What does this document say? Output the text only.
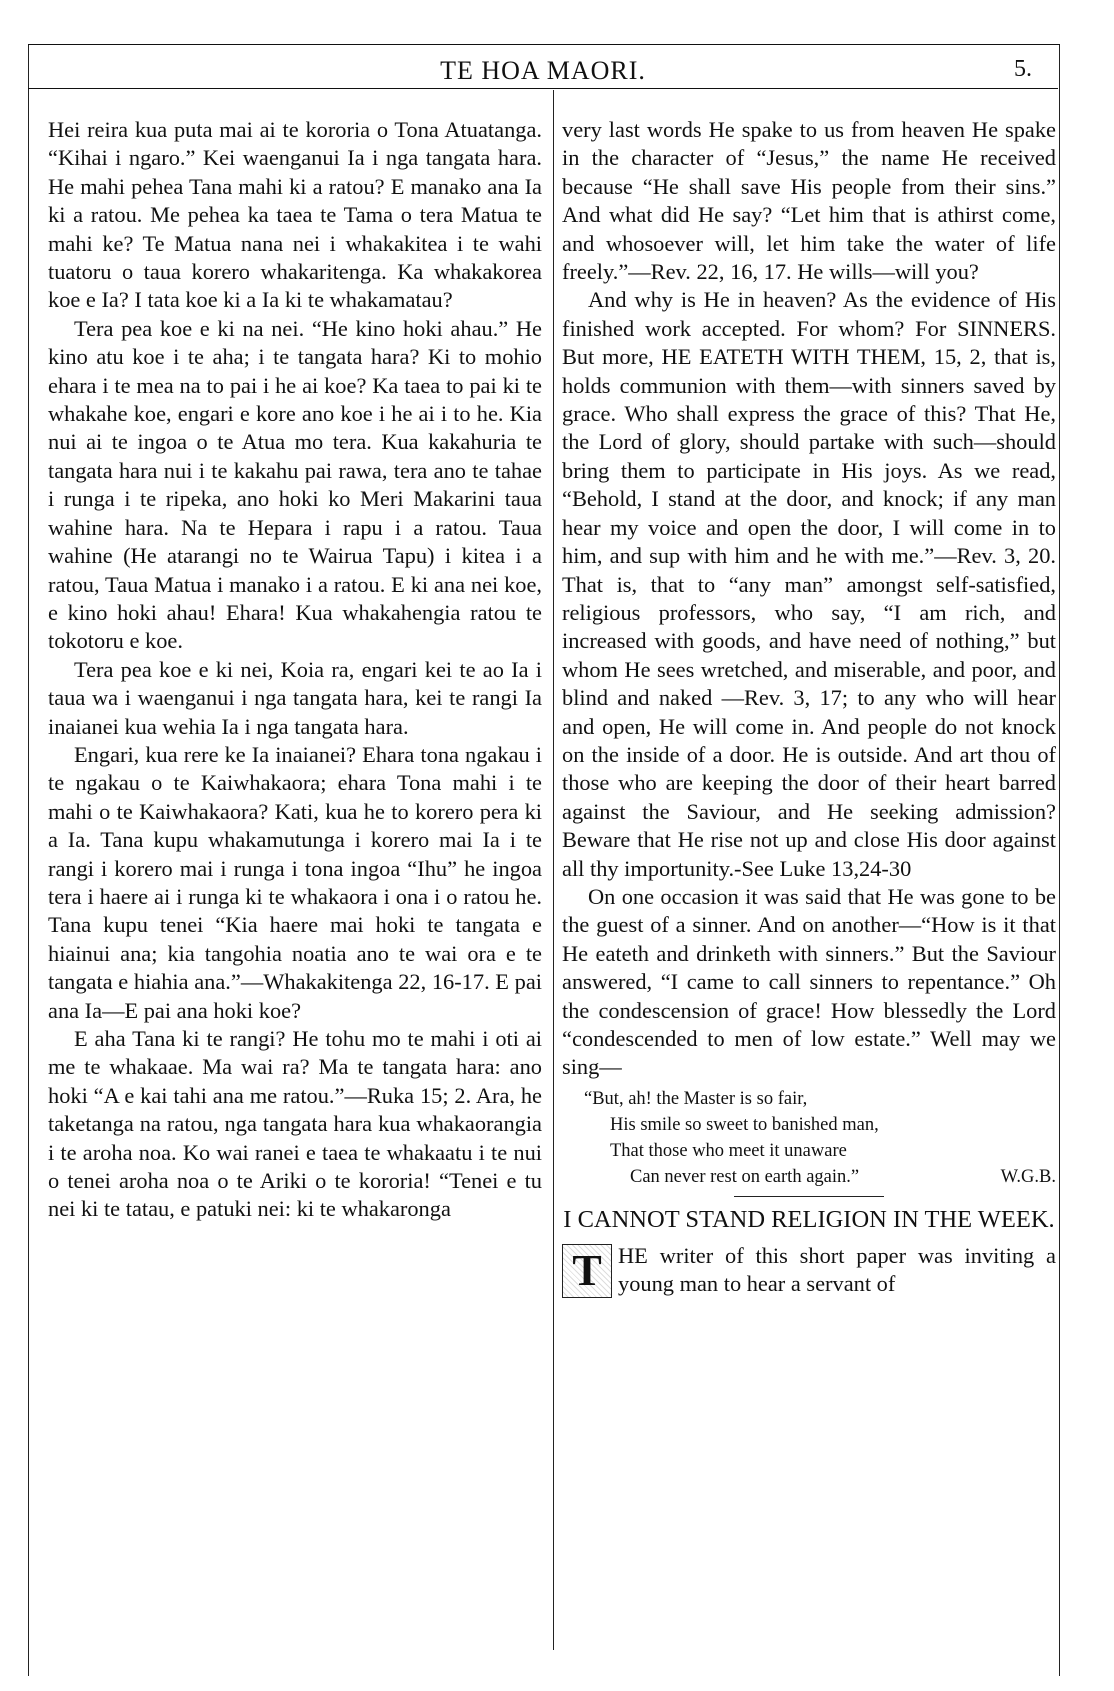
TE HOA MAORI.	5.

Hei reira kua puta mai ai te kororia o Tona Atuatanga. “Kihai i ngaro.” Kei waenganui Ia i nga tangata hara. He mahi pehea Tana mahi ki a ratou? E manako ana Ia ki a ratou. Me pehea ka taea te Tama o tera Matua te mahi ke? Te Matua nana nei i whakakitea i te wahi tuatoru o taua korero whakaritenga. Ka whakakorea koe e Ia? I tata koe ki a Ia ki te whakamatau?

Tera pea koe e ki na nei. “He kino hoki ahau.” He kino atu koe i te aha; i te tangata hara? Ki to mohio ehara i te mea na to pai i he ai koe? Ka taea to pai ki te whakahe koe, engari e kore ano koe i he ai i to he. Kia nui ai te ingoa o te Atua mo tera. Kua kakahuria te tangata hara nui i te kakahu pai rawa, tera ano te tahae i runga i te ripeka, ano hoki ko Meri Makarini taua wahine hara. Na te Hepara i rapu i a ratou. Taua wahine (He atarangi no te Wairua Tapu) i kitea i a ratou, Taua Matua i manako i a ratou. E ki ana nei koe, e kino hoki ahau! Ehara! Kua whakahengia ratou te tokotoru e koe.

Tera pea koe e ki nei, Koia ra, engari kei te ao Ia i taua wa i waenganui i nga tangata hara, kei te rangi Ia inaianei kua wehia Ia i nga tangata hara.

Engari, kua rere ke Ia inaianei? Ehara tona ngakau i te ngakau o te Kaiwhakaora; ehara Tona mahi i te mahi o te Kaiwhakaora? Kati, kua he to korero pera ki a Ia. Tana kupu whakamutunga i korero mai Ia i te rangi i korero mai i runga i tona ingoa “Ihu” he ingoa tera i haere ai i runga ki te whakaora i ona i o ratou he. Tana kupu tenei “Kia haere mai hoki te tangata e hiainui ana; kia tangohia noatia ano te wai ora e te tangata e hiahia ana.”—Whakakitenga 22, 16-17. E pai ana Ia—E pai ana hoki koe?

E aha Tana ki te rangi? He tohu mo te mahi i oti ai me te whakaae. Ma wai ra? Ma te tangata hara: ano hoki “A e kai tahi ana me ratou.”—Ruka 15; 2. Ara, he taketanga na ratou, nga tangata hara kua whakaorangia i te aroha noa. Ko wai ranei e taea te whakaatu i te nui o tenei aroha noa o te Ariki o te kororia! “Tenei e tu nei ki te tatau, e patuki nei: ki te whakaronga

very last words He spake to us from heaven He spake in the character of “Jesus,” the name He received because “He shall save His people from their sins.” And what did He say? “Let him that is athirst come, and whosoever will, let him take the water of life freely.”—Rev. 22, 16, 17. He wills—will you?

And why is He in heaven? As the evidence of His finished work accepted. For whom? For SINNERS. But more, HE EATETH WITH THEM, 15, 2, that is, holds communion with them—with sinners saved by grace. Who shall express the grace of this? That He, the Lord of glory, should partake with such—should bring them to participate in His joys. As we read, “Behold, I stand at the door, and knock; if any man hear my voice and open the door, I will come in to him, and sup with him and he with me.”—Rev. 3, 20. That is, that to “any man” amongst self-satisfied, religious professors, who say, “I am rich, and increased with goods, and have need of nothing,” but whom He sees wretched, and miserable, and poor, and blind and naked —Rev. 3, 17; to any who will hear and open, He will come in. And people do not knock on the inside of a door. He is outside. And art thou of those who are keeping the door of their heart barred against the Saviour, and He seeking admission? Beware that He rise not up and close His door against all thy importunity.-See Luke 13,24-30

On one occasion it was said that He was gone to be the guest of a sinner. And on another—“How is it that He eateth and drinketh with sinners.” But the Saviour answered, “I came to call sinners to repentance.” Oh the condescension of grace! How blessedly the Lord “condescended to men of low estate.” Well may we sing—

“But, ah! the Master is so fair,
His smile so sweet to banished man,
That those who meet it unaware
Can never rest on earth again.”	W.G.B.
I CANNOT STAND RELIGION IN THE WEEK.

T HE writer of this short paper was inviting a young man to hear a servant of
